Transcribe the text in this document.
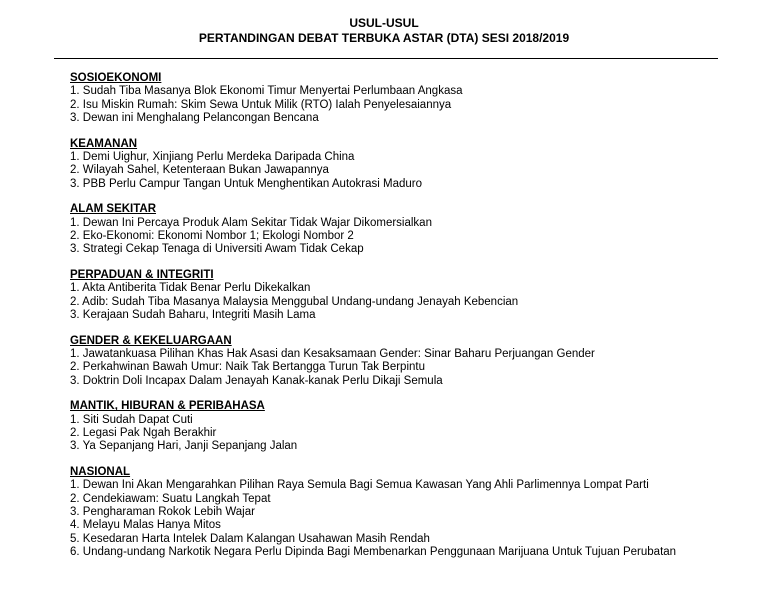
USUL-USUL
PERTANDINGAN DEBAT TERBUKA ASTAR (DTA) SESI 2018/2019
SOSIOEKONOMI
1. Sudah Tiba Masanya Blok Ekonomi Timur Menyertai Perlumbaan Angkasa
2. Isu Miskin Rumah: Skim Sewa Untuk Milik (RTO) Ialah Penyelesaiannya
3. Dewan ini Menghalang Pelancongan Bencana
KEAMANAN
1. Demi Uighur, Xinjiang Perlu Merdeka Daripada China
2. Wilayah Sahel, Ketenteraan Bukan Jawapannya
3. PBB Perlu Campur Tangan Untuk Menghentikan Autokrasi Maduro
ALAM SEKITAR
1. Dewan Ini Percaya Produk Alam Sekitar Tidak Wajar Dikomersialkan
2. Eko-Ekonomi: Ekonomi Nombor 1; Ekologi Nombor 2
3. Strategi Cekap Tenaga di Universiti Awam Tidak Cekap
PERPADUAN & INTEGRITI
1. Akta Antiberita Tidak Benar Perlu Dikekalkan
2. Adib: Sudah Tiba Masanya Malaysia Menggubal Undang-undang Jenayah Kebencian
3. Kerajaan Sudah Baharu, Integriti Masih Lama
GENDER & KEKELUARGAAN
1. Jawatankuasa Pilihan Khas Hak Asasi dan Kesaksamaan Gender: Sinar Baharu Perjuangan Gender
2. Perkahwinan Bawah Umur: Naik Tak Bertangga Turun Tak Berpintu
3. Doktrin Doli Incapax Dalam Jenayah Kanak-kanak Perlu Dikaji Semula
MANTIK, HIBURAN & PERIBAHASA
1. Siti Sudah Dapat Cuti
2. Legasi Pak Ngah Berakhir
3. Ya Sepanjang Hari, Janji Sepanjang Jalan
NASIONAL
1. Dewan Ini Akan Mengarahkan Pilihan Raya Semula Bagi Semua Kawasan Yang Ahli Parlimennya Lompat Parti
2. Cendekiawam: Suatu Langkah Tepat
3. Pengharaman Rokok Lebih Wajar
4. Melayu Malas Hanya Mitos
5. Kesedaran Harta Intelek Dalam Kalangan Usahawan Masih Rendah
6. Undang-undang Narkotik Negara Perlu Dipinda Bagi Membenarkan Penggunaan Marijuana Untuk Tujuan Perubatan
